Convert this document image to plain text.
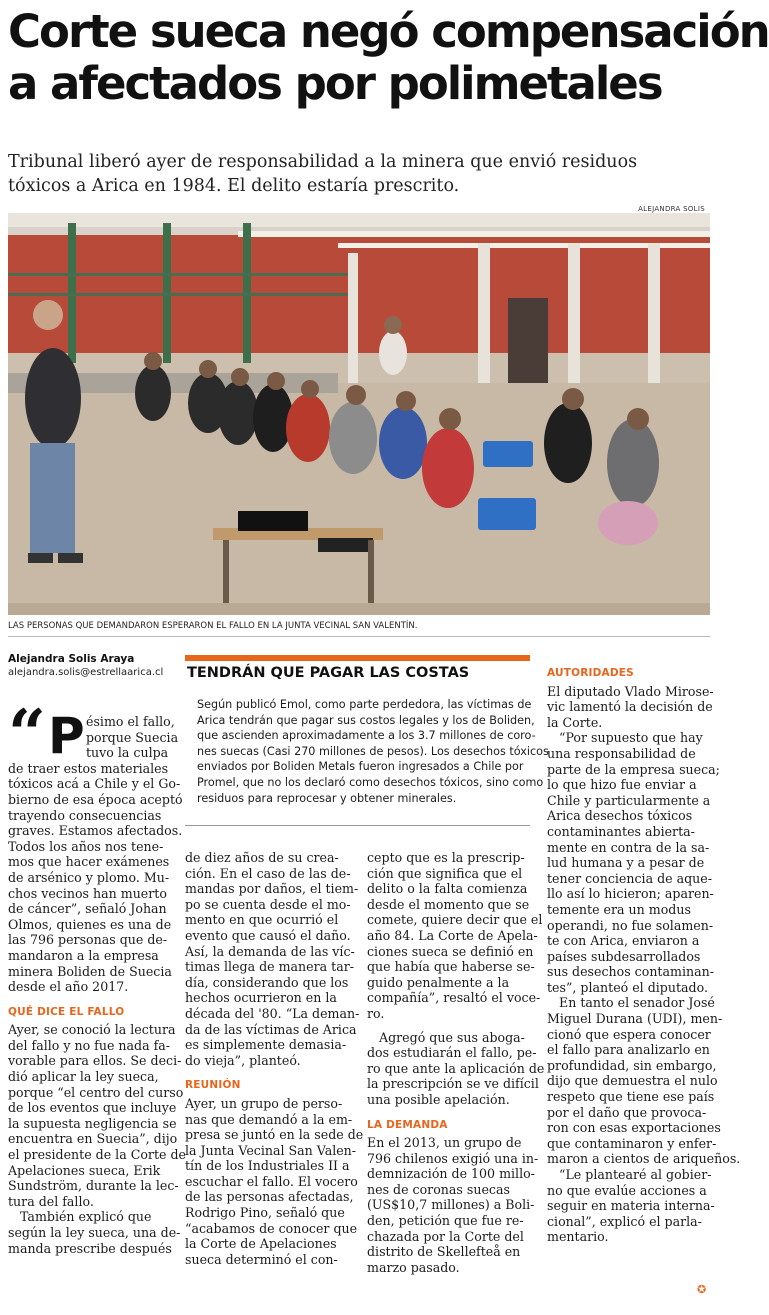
Corte sueca negó compensación
a afectados por polimetales

Tribunal liberó ayer de responsabilidad a la minera que envió residuos
tóxicos a Arica en 1984. El delito estaría prescrito.

ALEJANDRA SOLIS
LAS PERSONAS QUE DEMANDARON ESPERARON EL FALLO EN LA JUNTA VECINAL SAN VALENTÍN.
Alejandra Solis Araya
alejandra.solis@estrellaarica.cl TENDRÁN QUE PAGAR LAS COSTAS
Según publicó Emol, como parte perdedora, las víctimas de
Arica tendrán que pagar sus costos legales y los de Boliden,
que ascienden aproximadamente a los 3.7 millones de coro-
nes suecas (Casi 270 millones de pesos). Los desechos tóxicos
enviados por Boliden Metals fueron ingresados a Chile por
Promel, que no los declaró como desechos tóxicos, sino como
residuos para reprocesar y obtener minerales.
“ P ésimo el fallo,
porque Suecia
tuvo la culpa
de traer estos materiales
tóxicos acá a Chile y el Go-
bierno de esa época aceptó
trayendo consecuencias
graves. Estamos afectados.
Todos los años nos tene-
mos que hacer exámenes
de arsénico y plomo. Mu-
chos vecinos han muerto
de cáncer”, señaló Johan
Olmos, quienes es una de
las 796 personas que de-
mandaron a la empresa
minera Boliden de Suecia
desde el año 2017.
QUÉ DICE EL FALLO
Ayer, se conoció la lectura
del fallo y no fue nada fa-
vorable para ellos. Se deci-
dió aplicar la ley sueca,
porque “el centro del curso
de los eventos que incluye
la supuesta negligencia se
encuentra en Suecia”, dijo
el presidente de la Corte de
Apelaciones sueca, Erik
Sundström, durante la lec-
tura del fallo.
También explicó que
según la ley sueca, una de-
manda prescribe después
de diez años de su crea-
ción. En el caso de las de-
mandas por daños, el tiem-
po se cuenta desde el mo-
mento en que ocurrió el
evento que causó el daño.
Así, la demanda de las víc-
timas llega de manera tar-
día, considerando que los
hechos ocurrieron en la
década del '80. “La deman-
da de las víctimas de Arica
es simplemente demasia-
do vieja”, planteó.
REUNIÓN
Ayer, un grupo de perso-
nas que demandó a la em-
presa se juntó en la sede de
la Junta Vecinal San Valen-
tín de los Industriales II a
escuchar el fallo. El vocero
de las personas afectadas,
Rodrigo Pino, señaló que
“acabamos de conocer que
la Corte de Apelaciones
sueca determinó el con-
cepto que es la prescrip-
ción que significa que el
delito o la falta comienza
desde el momento que se
comete, quiere decir que el
año 84. La Corte de Apela-
ciones sueca se definió en
que había que haberse se-
guido penalmente a la
compañía”, resaltó el voce-
ro.
Agregó que sus aboga-
dos estudiarán el fallo, pe-
ro que ante la aplicación de
la prescripción se ve difícil
una posible apelación.
LA DEMANDA
En el 2013, un grupo de
796 chilenos exigió una in-
demnización de 100 millo-
nes de coronas suecas
(US$10,7 millones) a Boli-
den, petición que fue re-
chazada por la Corte del
distrito de Skellefteå en
marzo pasado.
AUTORIDADES
El diputado Vlado Mirose-
vic lamentó la decisión de
la Corte.
“Por supuesto que hay
una responsabilidad de
parte de la empresa sueca;
lo que hizo fue enviar a
Chile y particularmente a
Arica desechos tóxicos
contaminantes abierta-
mente en contra de la sa-
lud humana y a pesar de
tener conciencia de aque-
llo así lo hicieron; aparen-
temente era un modus
operandi, no fue solamen-
te con Arica, enviaron a
países subdesarrollados
sus desechos contaminan-
tes”, planteó el diputado.
En tanto el senador José
Miguel Durana (UDI), men-
cionó que espera conocer
el fallo para analizarlo en
profundidad, sin embargo,
dijo que demuestra el nulo
respeto que tiene ese país
por el daño que provoca-
ron con esas exportaciones
que contaminaron y enfer-
maron a cientos de ariqueños.
“Le plantearé al gobier-
no que evalúe acciones a
seguir en materia interna-
cional”, explicó el parla-
mentario.
✪
